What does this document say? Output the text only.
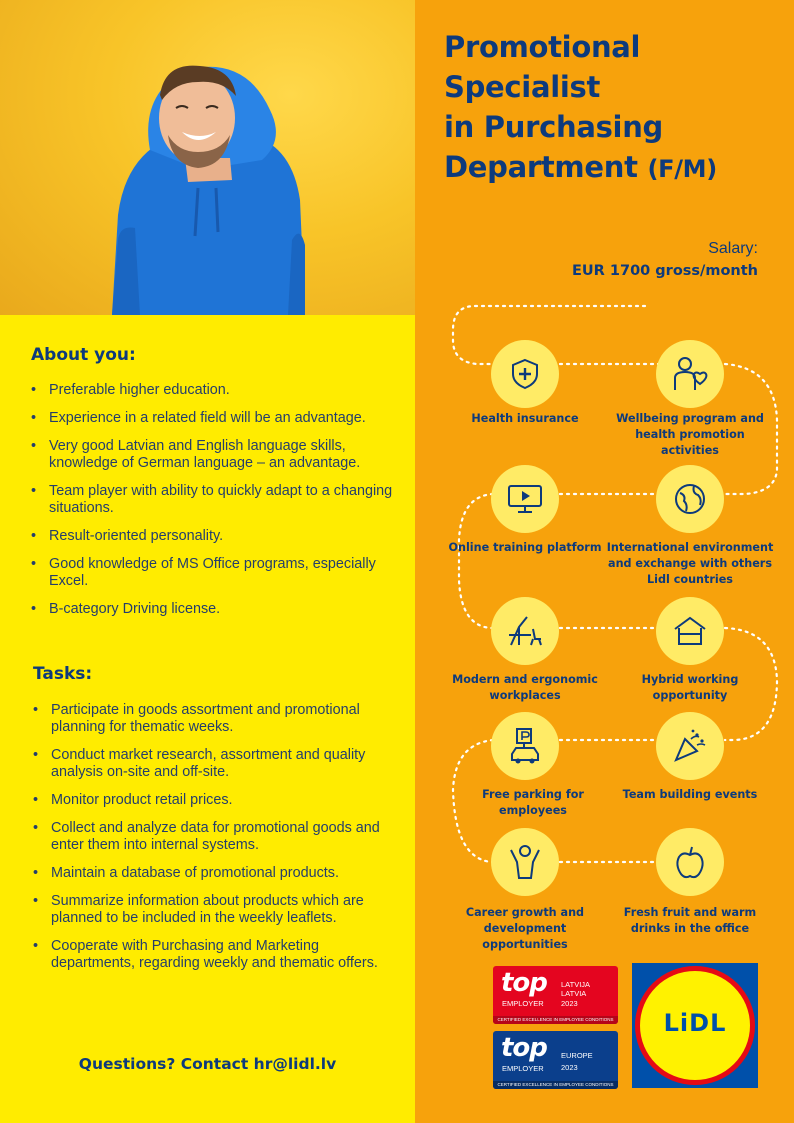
About you:
• Preferable higher education.
• Experience in a related field will be an advantage.
• Very good Latvian and English language skills, knowledge of German language – an advantage.
• Team player with ability to quickly adapt to a changing situations.
• Result-oriented personality.
• Good knowledge of MS Office programs, especially Excel.
• B-category Driving license.
Tasks:
• Participate in goods assortment and promotional planning for thematic weeks.
• Conduct market research, assortment and quality analysis on-site and off-site.
• Monitor product retail prices.
• Collect and analyze data for promotional goods and enter them into internal systems.
• Maintain a database of promotional products.
• Summarize information about products which are planned to be included in the weekly leaflets.
• Cooperate with Purchasing and Marketing departments, regarding weekly and thematic offers.
Questions? Contact hr@lidl.lv
Promotional
Specialist
in Purchasing
Department (F/M)
Salary:
EUR 1700 gross/month
Health insurance	Wellbeing program and health promotion activities
Online training platform International environment and exchange with others Lidl countries
Modern and ergonomic workplaces
Hybrid working opportunity
Free parking for employees
Team building events
Career growth and development opportunities
Fresh fruit and warm drinks in the office
top
EMPLOYER
LATVIJA
LATVIA
2023
CERTIFIED EXCELLENCE IN EMPLOYEE CONDITIONS
top
EMPLOYER
EUROPE
2023
CERTIFIED EXCELLENCE IN EMPLOYEE CONDITIONS
LiDL
